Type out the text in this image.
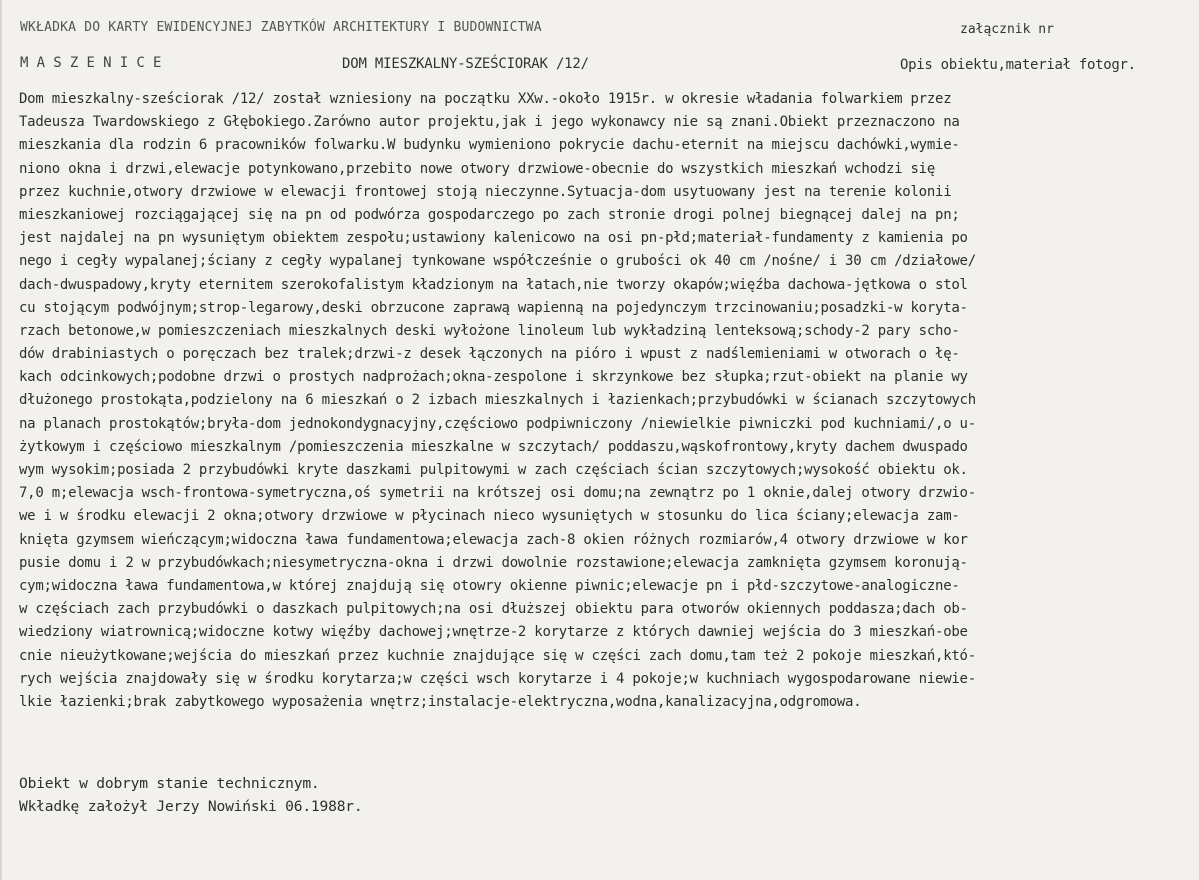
WKŁADKA DO KARTY EWIDENCYJNEJ ZABYTKÓW ARCHITEKTURY I BUDOWNICTWA	załącznik nr
MASZENICE	DOM MIESZKALNY-SZEŚCIORAK /12/	Opis obiektu,materiał fotogr.
Dom mieszkalny-sześciorak /12/ został wzniesiony na początku XXw.-około 1915r. w okresie władania folwarkiem przez
Tadeusza Twardowskiego z Głębokiego.Zarówno autor projektu,jak i jego wykonawcy nie są znani.Obiekt przeznaczono na
mieszkania dla rodzin 6 pracowników folwarku.W budynku wymieniono pokrycie dachu-eternit na miejscu dachówki,wymie-
niono okna i drzwi,elewacje potynkowano,przebito nowe otwory drzwiowe-obecnie do wszystkich mieszkań wchodzi się
przez kuchnie,otwory drzwiowe w elewacji frontowej stoją nieczynne.Sytuacja-dom usytuowany jest na terenie kolonii
mieszkaniowej rozciągającej się na pn od podwórza gospodarczego po zach stronie drogi polnej biegnącej dalej na pn;
jest najdalej na pn wysuniętym obiektem zespołu;ustawiony kalenicowo na osi pn-płd;materiał-fundamenty z kamienia po
nego i cegły wypalanej;ściany z cegły wypalanej tynkowane współcześnie o grubości ok 40 cm /nośne/ i 30 cm /działowe/
dach-dwuspadowy,kryty eternitem szerokofalistym kładzionym na łatach,nie tworzy okapów;więźba dachowa-jętkowa o stol
cu stojącym podwójnym;strop-legarowy,deski obrzucone zaprawą wapienną na pojedynczym trzcinowaniu;posadzki-w koryta-
rzach betonowe,w pomieszczeniach mieszkalnych deski wyłożone linoleum lub wykładziną lenteksową;schody-2 pary scho-
dów drabiniastych o poręczach bez tralek;drzwi-z desek łączonych na pióro i wpust z nadślemieniami w otworach o łę-
kach odcinkowych;podobne drzwi o prostych nadprożach;okna-zespolone i skrzynkowe bez słupka;rzut-obiekt na planie wy
dłużonego prostokąta,podzielony na 6 mieszkań o 2 izbach mieszkalnych i łazienkach;przybudówki w ścianach szczytowych
na planach prostokątów;bryła-dom jednokondygnacyjny,częściowo podpiwniczony /niewielkie piwniczki pod kuchniami/,o u-
żytkowym i częściowo mieszkalnym /pomieszczenia mieszkalne w szczytach/ poddaszu,wąskofrontowy,kryty dachem dwuspado
wym wysokim;posiada 2 przybudówki kryte daszkami pulpitowymi w zach częściach ścian szczytowych;wysokość obiektu ok.
7,0 m;elewacja wsch-frontowa-symetryczna,oś symetrii na krótszej osi domu;na zewnątrz po 1 oknie,dalej otwory drzwio-
we i w środku elewacji 2 okna;otwory drzwiowe w płycinach nieco wysuniętych w stosunku do lica ściany;elewacja zam-
knięta gzymsem wieńczącym;widoczna ława fundamentowa;elewacja zach-8 okien różnych rozmiarów,4 otwory drzwiowe w kor
pusie domu i 2 w przybudówkach;niesymetryczna-okna i drzwi dowolnie rozstawione;elewacja zamknięta gzymsem koronują-
cym;widoczna ława fundamentowa,w której znajdują się otowry okienne piwnic;elewacje pn i płd-szczytowe-analogiczne-
w częściach zach przybudówki o daszkach pulpitowych;na osi dłuższej obiektu para otworów okiennych poddasza;dach ob-
wiedziony wiatrownicą;widoczne kotwy więźby dachowej;wnętrze-2 korytarze z których dawniej wejścia do 3 mieszkań-obe
cnie nieużytkowane;wejścia do mieszkań przez kuchnie znajdujące się w części zach domu,tam też 2 pokoje mieszkań,któ-
rych wejścia znajdowały się w środku korytarza;w części wsch korytarze i 4 pokoje;w kuchniach wygospodarowane niewie-
lkie łazienki;brak zabytkowego wyposażenia wnętrz;instalacje-elektryczna,wodna,kanalizacyjna,odgromowa.
Obiekt w dobrym stanie technicznym.
Wkładkę założył Jerzy Nowiński 06.1988r.
